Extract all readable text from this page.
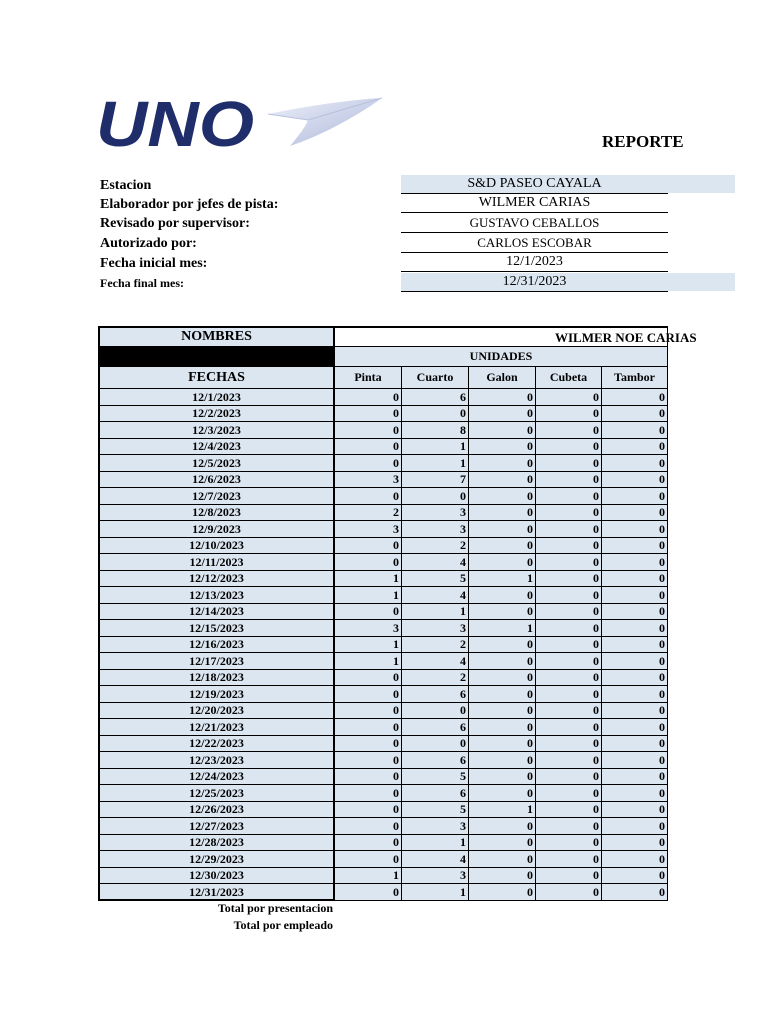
UNO	REPORTE
Estacion	S&D PASEO CAYALA
Elaborador por jefes de pista:	WILMER CARIAS
Revisado por supervisor:	GUSTAVO CEBALLOS
Autorizado por:	CARLOS ESCOBAR
Fecha inicial mes:	12/1/2023
Fecha final mes:	12/31/2023
NOMBRES	WILMER NOE CARIAS
UNIDADES
FECHAS	Pinta	Cuarto	Galon	Cubeta	Tambor
12/1/2023	0	6	0	0	0
12/2/2023	0	0	0	0	0
12/3/2023	0	8	0	0	0
12/4/2023	0	1	0	0	0
12/5/2023	0	1	0	0	0
12/6/2023	3	7	0	0	0
12/7/2023	0	0	0	0	0
12/8/2023	2	3	0	0	0
12/9/2023	3	3	0	0	0
12/10/2023	0	2	0	0	0
12/11/2023	0	4	0	0	0
12/12/2023	1	5	1	0	0
12/13/2023	1	4	0	0	0
12/14/2023	0	1	0	0	0
12/15/2023	3	3	1	0	0
12/16/2023	1	2	0	0	0
12/17/2023	1	4	0	0	0
12/18/2023	0	2	0	0	0
12/19/2023	0	6	0	0	0
12/20/2023	0	0	0	0	0
12/21/2023	0	6	0	0	0
12/22/2023	0	0	0	0	0
12/23/2023	0	6	0	0	0
12/24/2023	0	5	0	0	0
12/25/2023	0	6	0	0	0
12/26/2023	0	5	1	0	0
12/27/2023	0	3	0	0	0
12/28/2023	0	1	0	0	0
12/29/2023	0	4	0	0	0
12/30/2023	1	3	0	0	0
12/31/2023	0	1	0	0	0
Total por presentacion
Total por empleado
